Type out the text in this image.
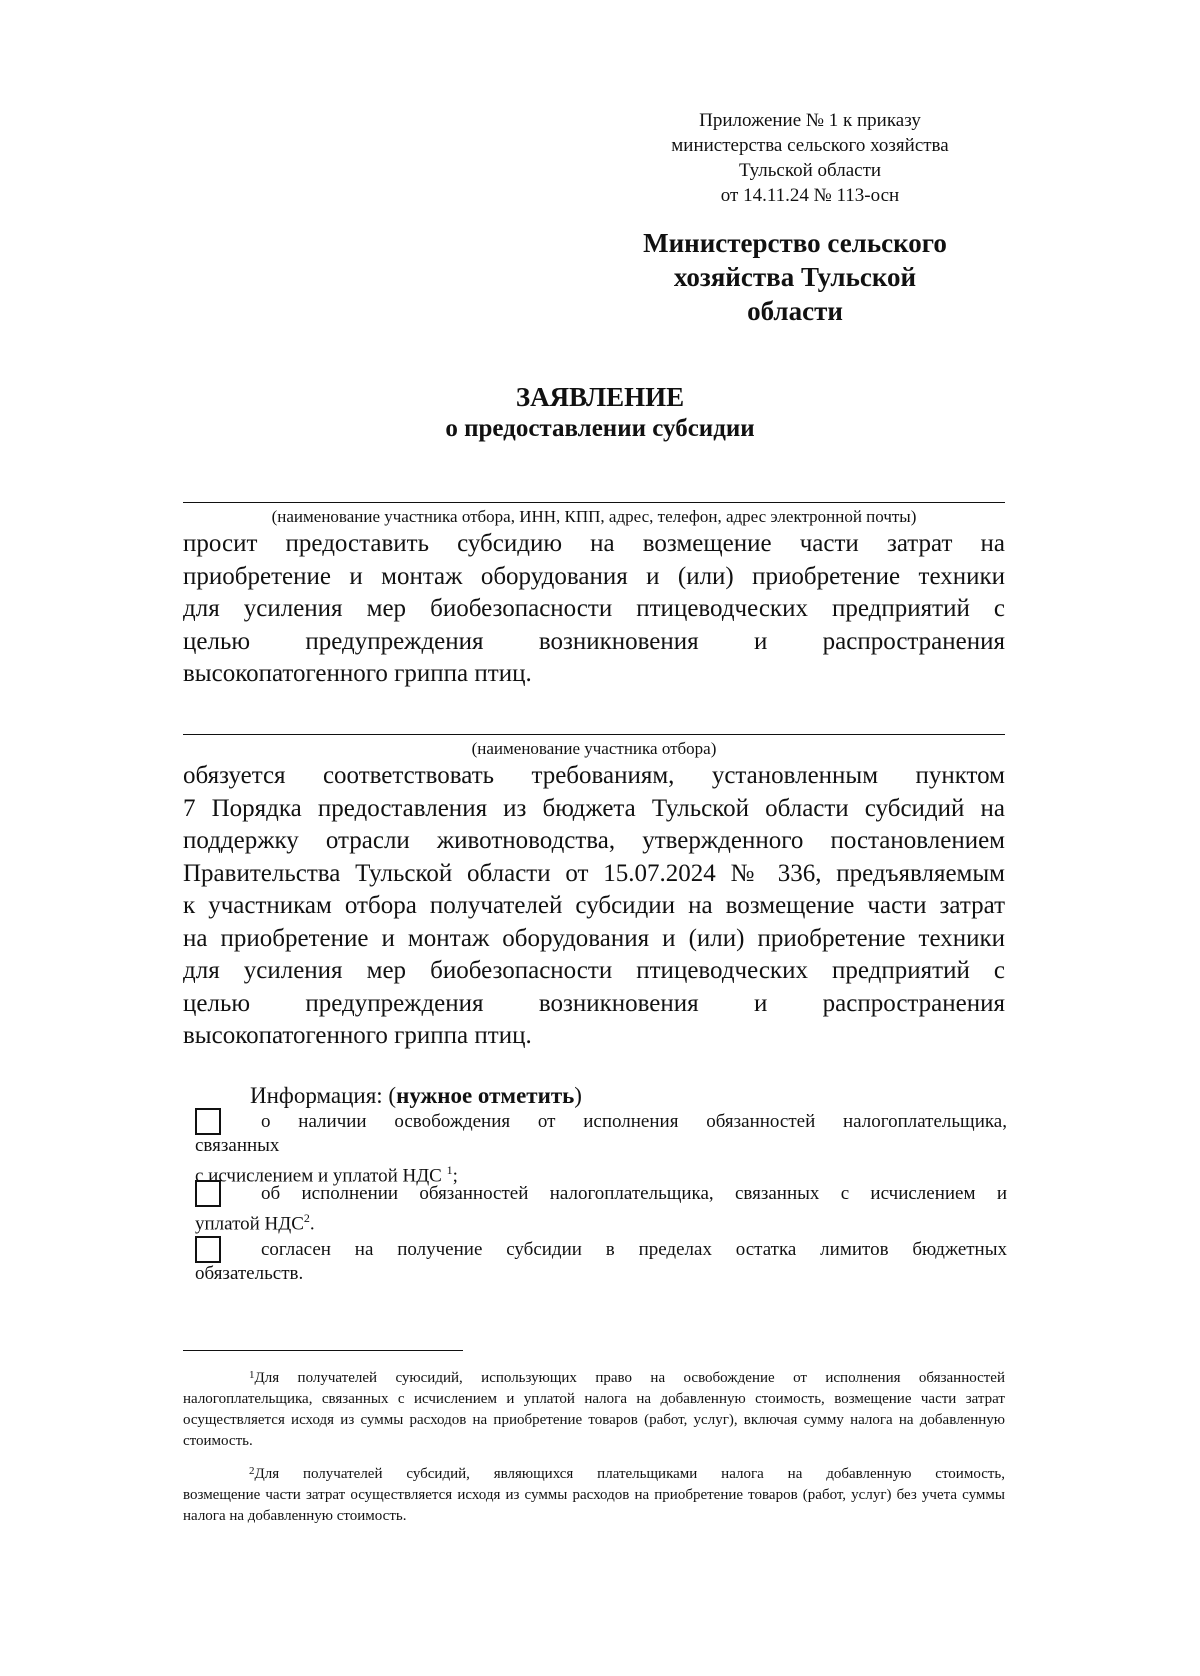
Приложение № 1 к приказу
министерства сельского хозяйства
Тульской области
от 14.11.24 № 113-осн
Министерство сельского
хозяйства Тульской
области
ЗАЯВЛЕНИЕ
о предоставлении субсидии
(наименование участника отбора, ИНН, КПП, адрес, телефон, адрес электронной почты)
просит предоставить субсидию на возмещение части затрат на
приобретение и монтаж оборудования и (или) приобретение техники
для усиления мер биобезопасности птицеводческих предприятий с
целью предупреждения возникновения и распространения
высокопатогенного гриппа птиц.
(наименование участника отбора)
обязуется соответствовать требованиям, установленным пунктом
7 Порядка предоставления из бюджета Тульской области субсидий на
поддержку отрасли животноводства, утвержденного постановлением
Правительства Тульской области от 15.07.2024 № 336, предъявляемым
к участникам отбора получателей субсидии на возмещение части затрат
на приобретение и монтаж оборудования и (или) приобретение техники
для усиления мер биобезопасности птицеводческих предприятий с
целью предупреждения возникновения и распространения
высокопатогенного гриппа птиц.
Информация: (нужное отметить)
о наличии освобождения от исполнения обязанностей налогоплательщика,
связанных
с исчислением и уплатой НДС $^1$;
об исполнении обязанностей налогоплательщика, связанных с исчислением и
уплатой НДС$^2$.
согласен на получение субсидии в пределах остатка лимитов бюджетных
обязательств.
$^1$Для получателей суюсидий, использующих право на освобождение от исполнения обязанностей
налогоплательщика, связанных с исчислением и уплатой налога на добавленную стоимость, возмещение части затрат осуществляется исходя из суммы расходов на приобретение товаров (работ, услуг), включая сумму налога на добавленную стоимость.
$^2$Для получателей субсидий, являющихся плательщиками налога на добавленную стоимость,
возмещение части затрат осуществляется исходя из суммы расходов на приобретение товаров (работ, услуг) без учета суммы налога на добавленную стоимость.
